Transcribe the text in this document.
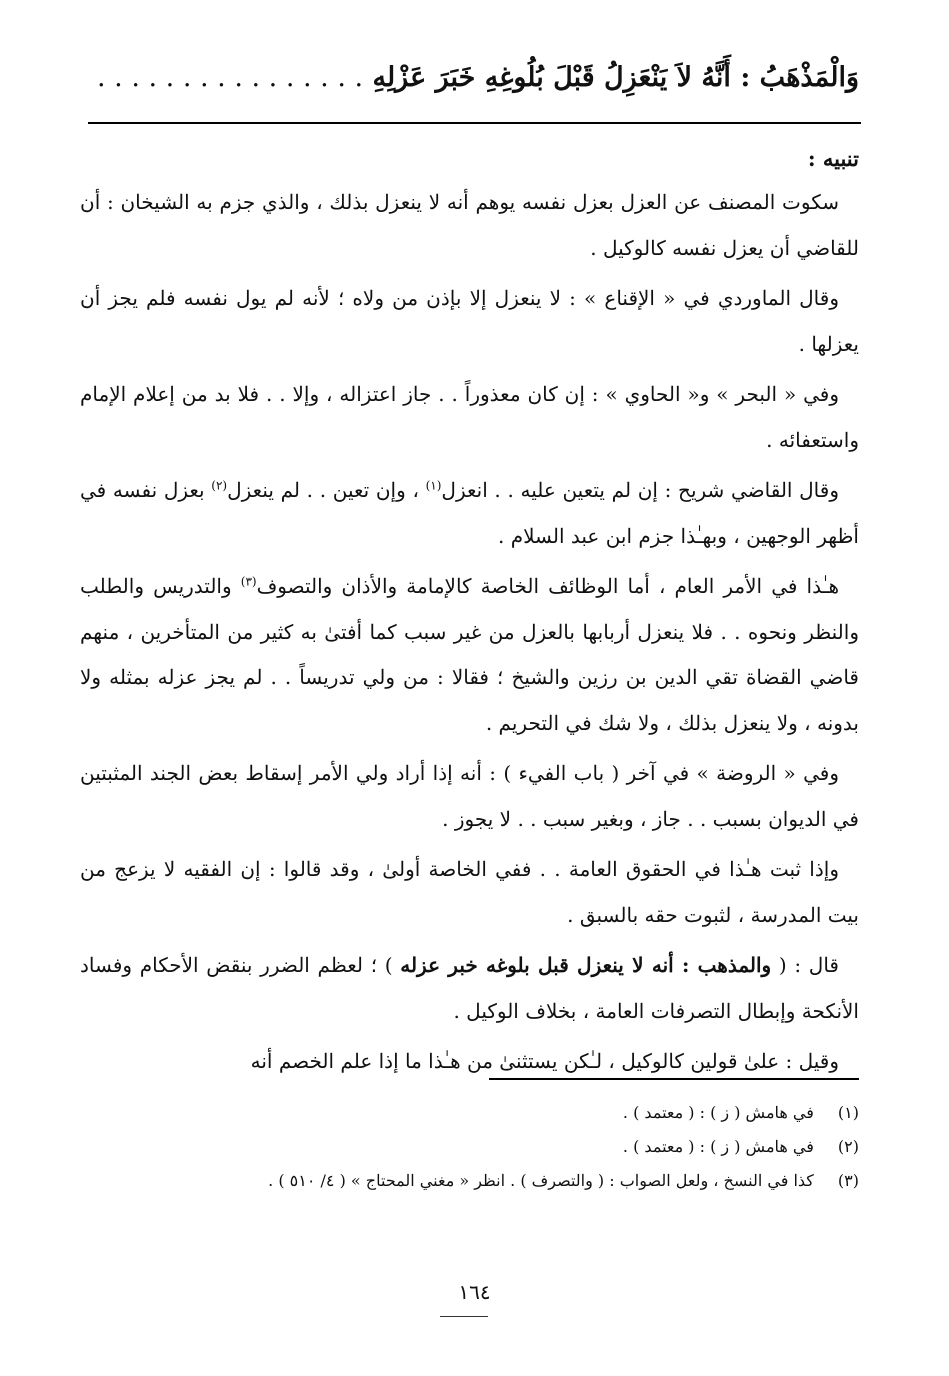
وَالْمَذْهَبُ : أَنَّهُ لاَ يَنْعَزِلُ قَبْلَ بُلُوغِهِ خَبَرَ عَزْلِهِ . . . . . . . . . . . . . . . .
تنبيه :

سكوت المصنف عن العزل بعزل نفسه يوهم أنه لا ينعزل بذلك ، والذي جزم به الشيخان : أن للقاضي أن يعزل نفسه كالوكيل .

وقال الماوردي في « الإقناع » : لا ينعزل إلا بإذن من ولاه ؛ لأنه لم يول نفسه فلم يجز أن يعزلها .

وفي « البحر » و« الحاوي » : إن كان معذوراً . . جاز اعتزاله ، وإلا . . فلا بد من إعلام الإمام واستعفائه .

وقال القاضي شريح : إن لم يتعين عليه . . انعزل$^{(١)}$ ، وإن تعين . . لم ينعزل$^{(٢)}$ بعزل نفسه في أظهر الوجهين ، وبهـٰذا جزم ابن عبد السلام .

هـٰذا في الأمر العام ، أما الوظائف الخاصة كالإمامة والأذان والتصوف$^{(٣)}$ والتدريس والطلب والنظر ونحوه . . فلا ينعزل أربابها بالعزل من غير سبب كما أفتىٰ به كثير من المتأخرين ، منهم قاضي القضاة تقي الدين بن رزين والشيخ ؛ فقالا : من ولي تدريساً . . لم يجز عزله بمثله ولا بدونه ، ولا ينعزل بذلك ، ولا شك في التحريم .

وفي « الروضة » في آخر ( باب الفيء ) : أنه إذا أراد ولي الأمر إسقاط بعض الجند المثبتين في الديوان بسبب . . جاز ، وبغير سبب . . لا يجوز .

وإذا ثبت هـٰذا في الحقوق العامة . . ففي الخاصة أولىٰ ، وقد قالوا : إن الفقيه لا يزعج من بيت المدرسة ، لثبوت حقه بالسبق .

قال : ( والمذهب : أنه لا ينعزل قبل بلوغه خبر عزله ) ؛ لعظم الضرر بنقض الأحكام وفساد الأنكحة وإبطال التصرفات العامة ، بخلاف الوكيل .

وقيل : علىٰ قولين كالوكيل ، لـٰكن يستثنىٰ من هـٰذا ما إذا علم الخصم أنه

(١) في هامش ( ز ) : ( معتمد ) .
(٢) في هامش ( ز ) : ( معتمد ) .
(٣) كذا في النسخ ، ولعل الصواب : ( والتصرف ) . انظر « مغني المحتاج » ( ٤/ ٥١٠ ) .
١٦٤
